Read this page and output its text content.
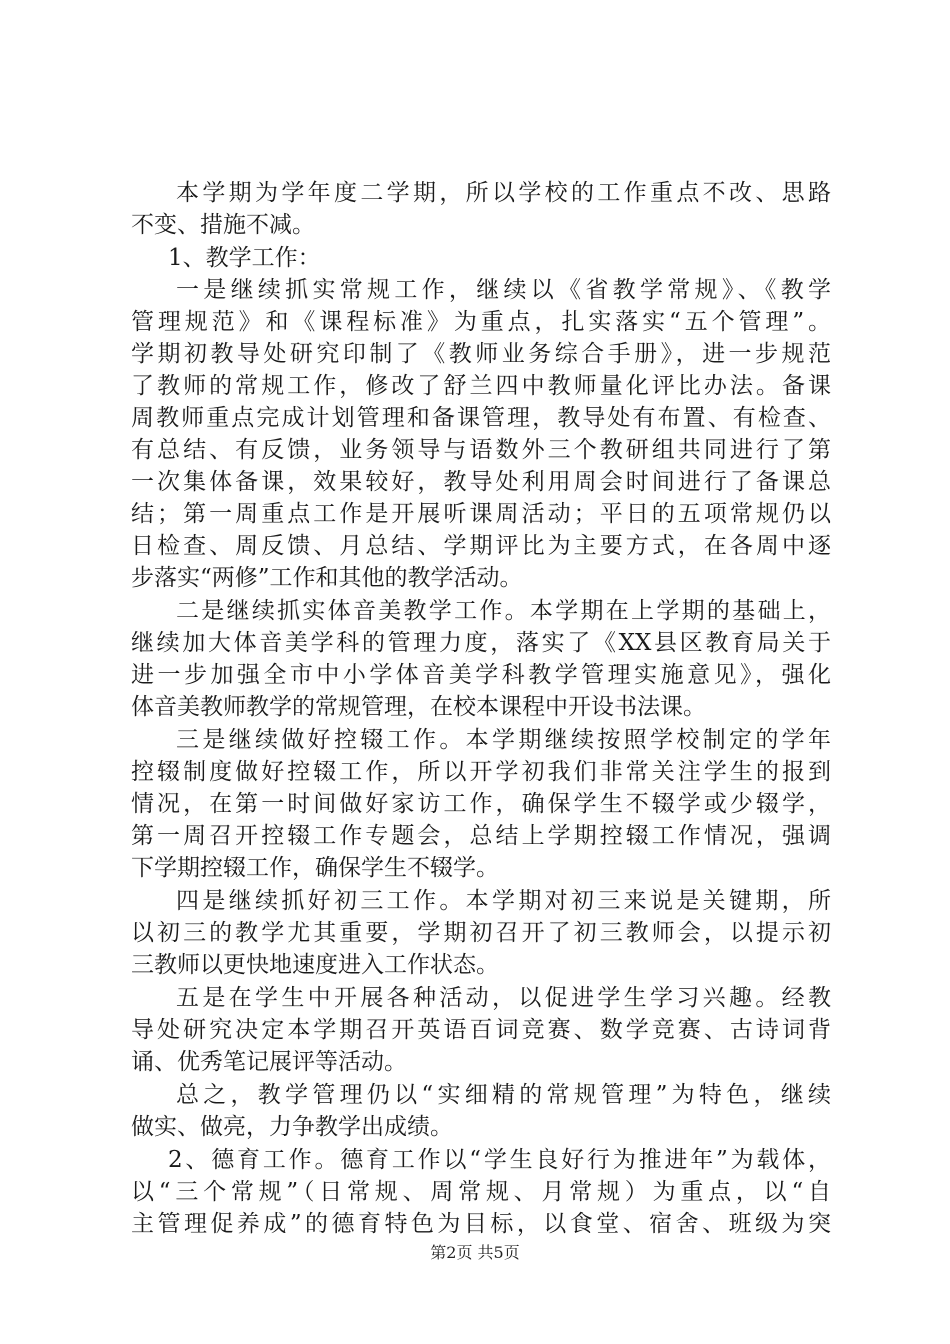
本学期为学年度二学期，所以学校的工作重点不改、思路
不变、措施不减。
1、教学工作：
一是继续抓实常规工作，继续以《省教学常规》、《教学
管理规范》和《课程标准》为重点，扎实落实“五个管理”。
学期初教导处研究印制了《教师业务综合手册》，进一步规范
了教师的常规工作，修改了舒兰四中教师量化评比办法。备课
周教师重点完成计划管理和备课管理，教导处有布置、有检查、
有总结、有反馈，业务领导与语数外三个教研组共同进行了第
一次集体备课，效果较好，教导处利用周会时间进行了备课总
结；第一周重点工作是开展听课周活动；平日的五项常规仍以
日检查、周反馈、月总结、学期评比为主要方式，在各周中逐
步落实“两修”工作和其他的教学活动。
二是继续抓实体音美教学工作。本学期在上学期的基础上，
继续加大体音美学科的管理力度，落实了《XX县区教育局关于
进一步加强全市中小学体音美学科教学管理实施意见》，强化
体音美教师教学的常规管理，在校本课程中开设书法课。
三是继续做好控辍工作。本学期继续按照学校制定的学年
控辍制度做好控辍工作，所以开学初我们非常关注学生的报到
情况，在第一时间做好家访工作，确保学生不辍学或少辍学，
第一周召开控辍工作专题会，总结上学期控辍工作情况，强调
下学期控辍工作，确保学生不辍学。
四是继续抓好初三工作。本学期对初三来说是关键期，所
以初三的教学尤其重要，学期初召开了初三教师会，以提示初
三教师以更快地速度进入工作状态。
五是在学生中开展各种活动，以促进学生学习兴趣。经教
导处研究决定本学期召开英语百词竞赛、数学竞赛、古诗词背
诵、优秀笔记展评等活动。
总之，教学管理仍以“实细精的常规管理”为特色，继续
做实、做亮，力争教学出成绩。
2、德育工作。德育工作以“学生良好行为推进年”为载体，
以“三个常规”（日常规、周常规、月常规）为重点，以“自
主管理促养成”的德育特色为目标，以食堂、宿舍、班级为突
第2页 共5页
